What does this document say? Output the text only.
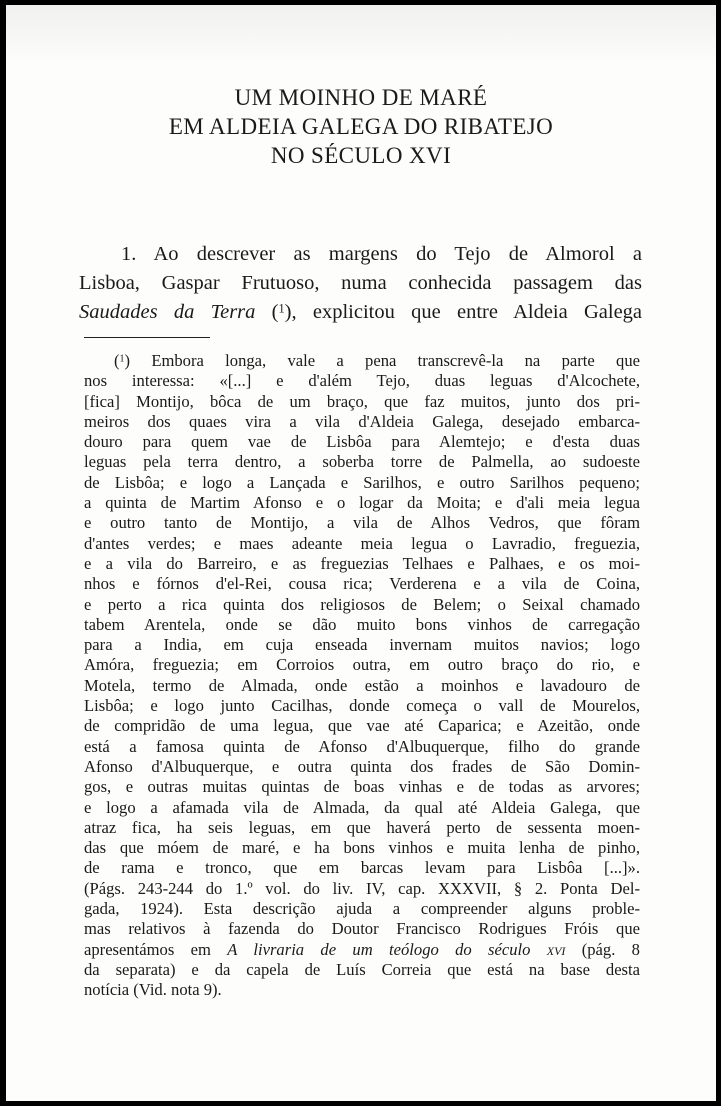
UM MOINHO DE MARÉ
EM ALDEIA GALEGA DO RIBATEJO
NO SÉCULO XVI
1. Ao descrever as margens do Tejo de Almorol a
Lisboa, Gaspar Frutuoso, numa conhecida passagem das
Saudades da Terra ($^1$), explicitou que entre Aldeia Galega
($^1$) Embora longa, vale a pena transcrevê-la na parte que
nos interessa: «[...] e d'além Tejo, duas leguas d'Alcochete,
[fica] Montijo, bôca de um braço, que faz muitos, junto dos pri-
meiros dos quaes vira a vila d'Aldeia Galega, desejado embarca-
douro para quem vae de Lisbôa para Alemtejo; e d'esta duas
leguas pela terra dentro, a soberba torre de Palmella, ao sudoeste
de Lisbôa; e logo a Lançada e Sarilhos, e outro Sarilhos pequeno;
a quinta de Martim Afonso e o logar da Moita; e d'ali meia legua
e outro tanto de Montijo, a vila de Alhos Vedros, que fôram
d'antes verdes; e maes adeante meia legua o Lavradio, freguezia,
e a vila do Barreiro, e as freguezias Telhaes e Palhaes, e os moi-
nhos e fórnos d'el-Rei, cousa rica; Verderena e a vila de Coina,
e perto a rica quinta dos religiosos de Belem; o Seixal chamado
tabem Arentela, onde se dão muito bons vinhos de carregação
para a India, em cuja enseada invernam muitos navios; logo
Amóra, freguezia; em Corroios outra, em outro braço do rio, e
Motela, termo de Almada, onde estão a moinhos e lavadouro de
Lisbôa; e logo junto Cacilhas, donde começa o vall de Mourelos,
de compridão de uma legua, que vae até Caparica; e Azeitão, onde
está a famosa quinta de Afonso d'Albuquerque, filho do grande
Afonso d'Albuquerque, e outra quinta dos frades de São Domin-
gos, e outras muitas quintas de boas vinhas e de todas as arvores;
e logo a afamada vila de Almada, da qual até Aldeia Galega, que
atraz fica, ha seis leguas, em que haverá perto de sessenta moen-
das que móem de maré, e ha bons vinhos e muita lenha de pinho,
de rama e tronco, que em barcas levam para Lisbôa [...]».
(Págs. 243-244 do 1.º vol. do liv. IV, cap. XXXVII, § 2. Ponta Del-
gada, 1924). Esta descrição ajuda a compreender alguns proble-
mas relativos à fazenda do Doutor Francisco Rodrigues Fróis que
apresentámos em A livraria de um teólogo do século xvi (pág. 8
da separata) e da capela de Luís Correia que está na base desta
notícia (Vid. nota 9).
